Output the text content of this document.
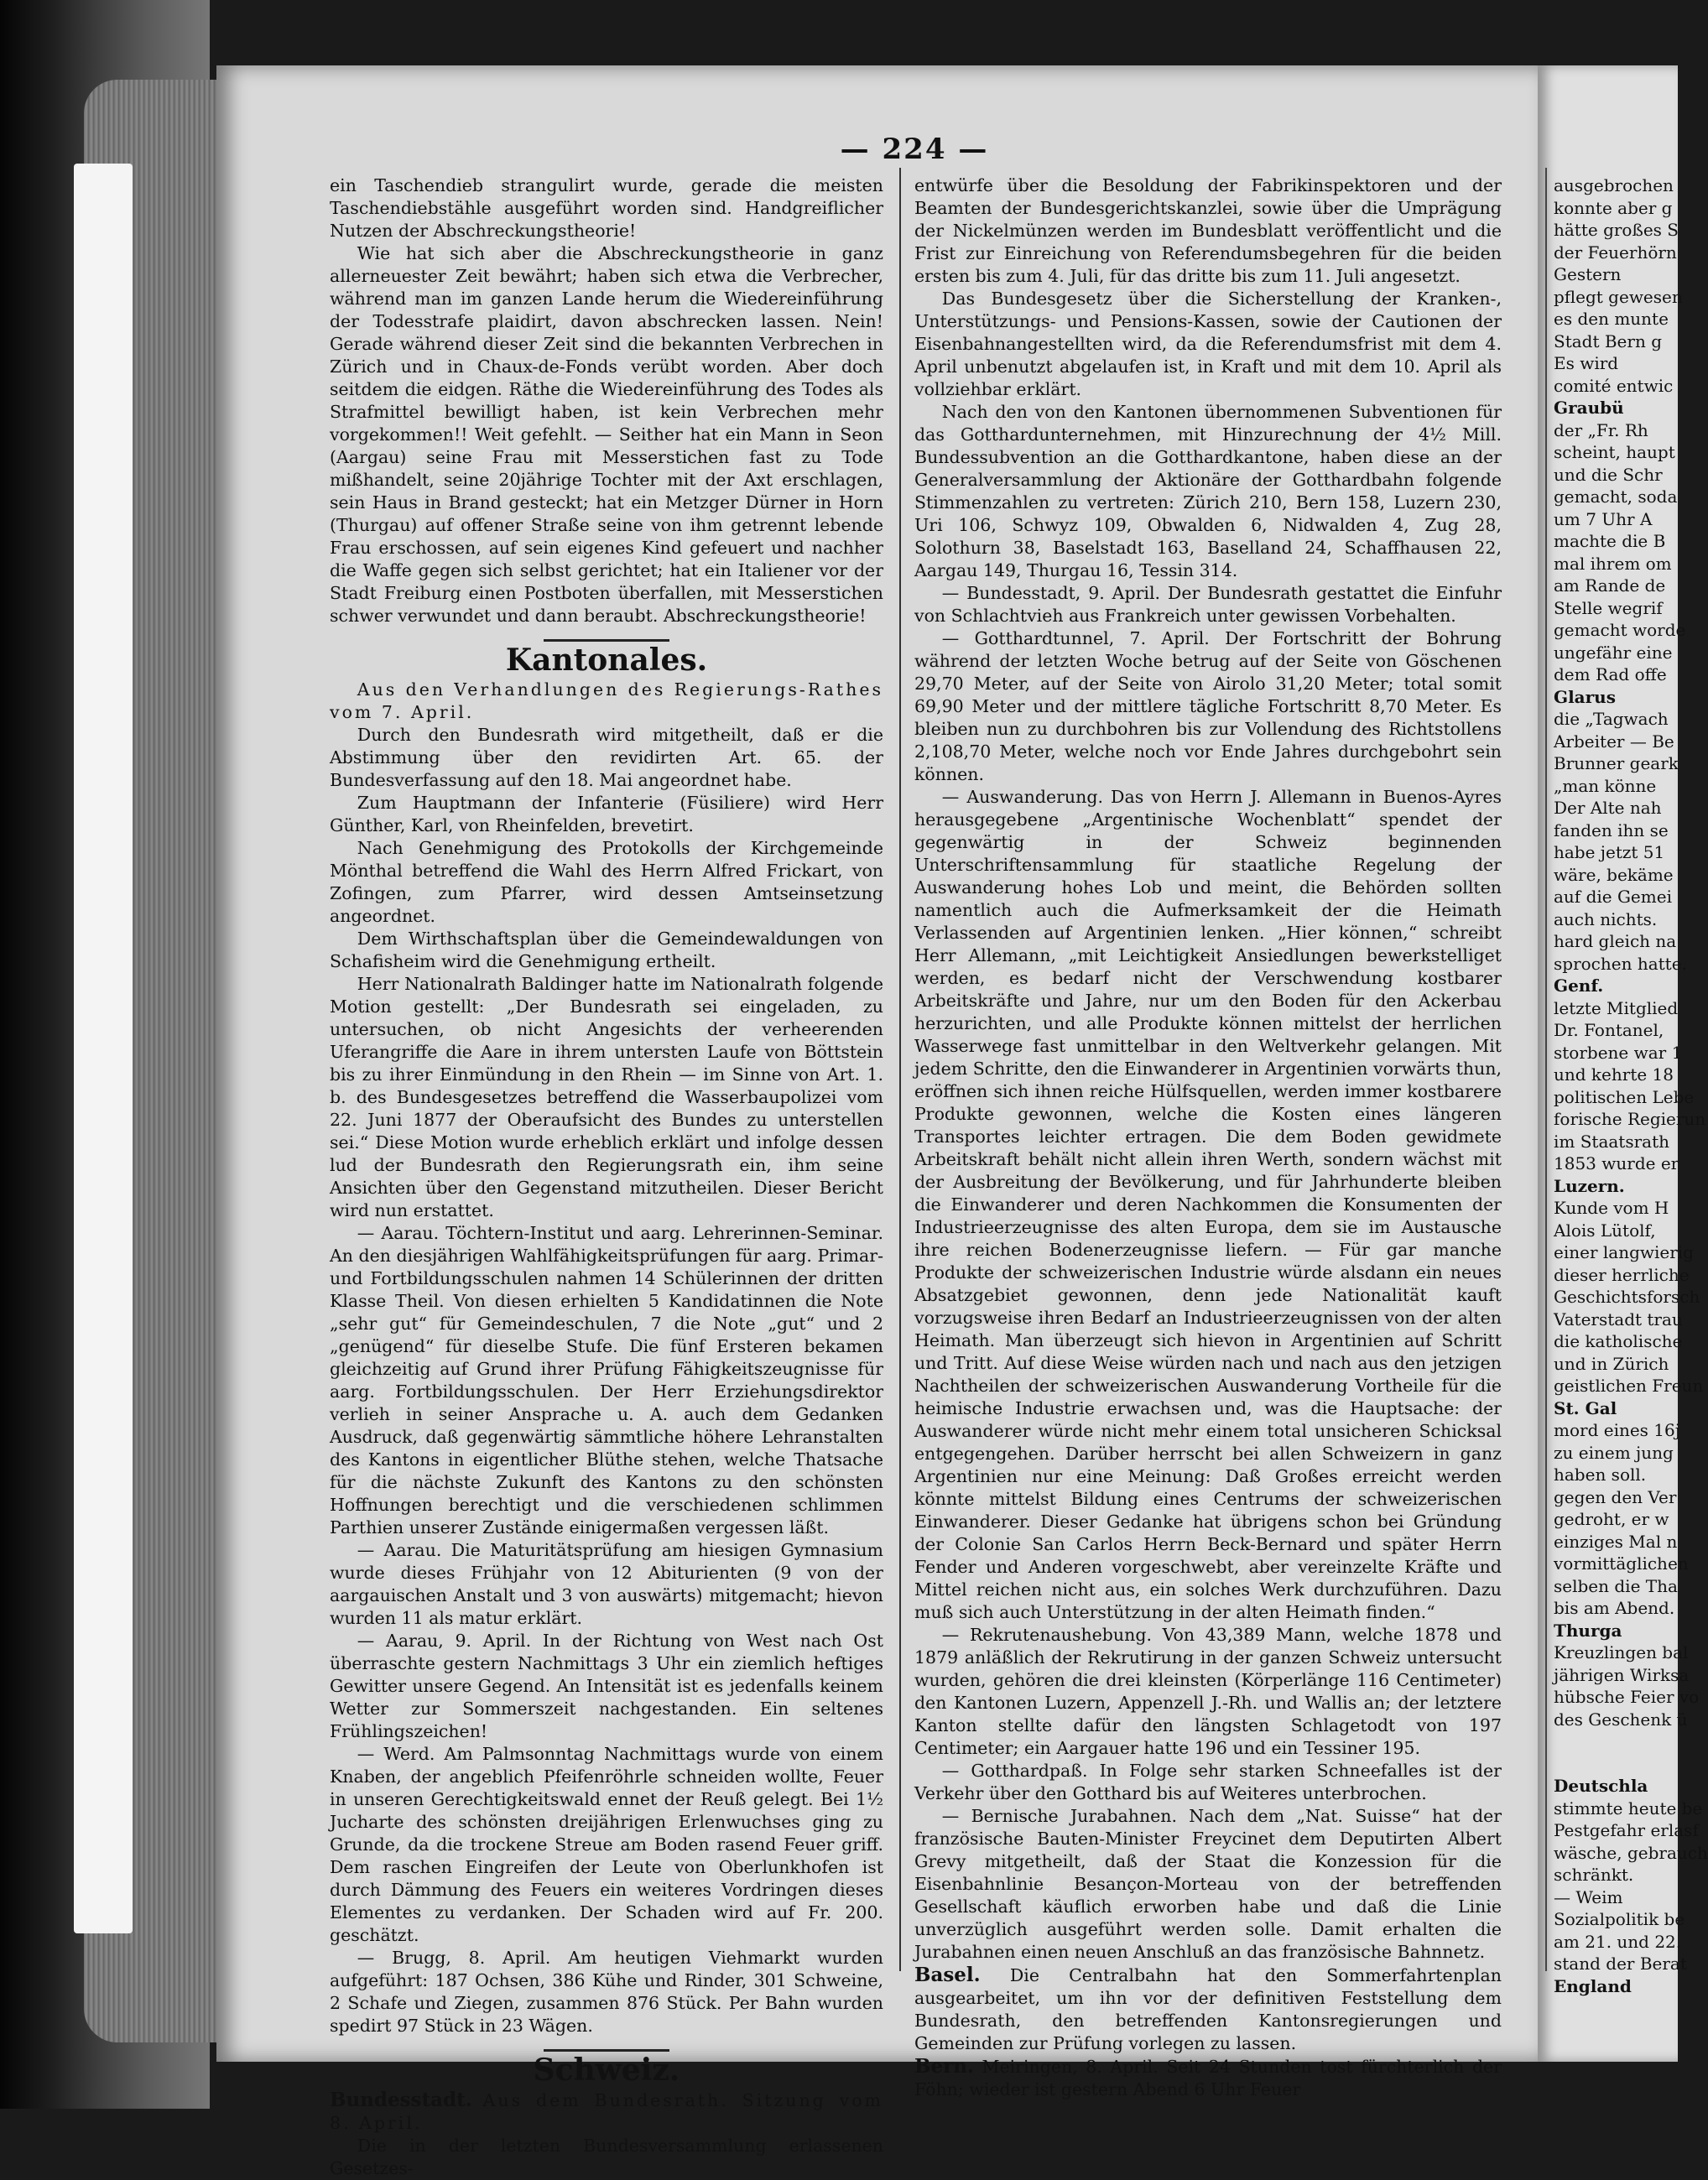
— 224 —

ein Taschendieb strangulirt wurde, gerade die meisten Taschendiebstähle ausgeführt worden sind. Handgreiflicher Nutzen der Abschreckungstheorie!

Wie hat sich aber die Abschreckungstheorie in ganz allerneuester Zeit bewährt; haben sich etwa die Verbrecher, während man im ganzen Lande herum die Wiedereinführung der Todesstrafe plaidirt, davon abschrecken lassen. Nein! Gerade während dieser Zeit sind die bekannten Verbrechen in Zürich und in Chaux-de-Fonds verübt worden. Aber doch seitdem die eidgen. Räthe die Wiedereinführung des Todes als Strafmittel bewilligt haben, ist kein Verbrechen mehr vorgekommen!! Weit gefehlt. — Seither hat ein Mann in Seon (Aargau) seine Frau mit Messerstichen fast zu Tode mißhandelt, seine 20jährige Tochter mit der Axt erschlagen, sein Haus in Brand gesteckt; hat ein Metzger Dürner in Horn (Thurgau) auf offener Straße seine von ihm getrennt lebende Frau erschossen, auf sein eigenes Kind gefeuert und nachher die Waffe gegen sich selbst gerichtet; hat ein Italiener vor der Stadt Freiburg einen Postboten überfallen, mit Messerstichen schwer verwundet und dann beraubt. Abschreckungstheorie!

Kantonales.

Aus den Verhandlungen des Regierungs-Rathes vom 7. April.

Durch den Bundesrath wird mitgetheilt, daß er die Abstimmung über den revidirten Art. 65. der Bundesverfassung auf den 18. Mai angeordnet habe.

Zum Hauptmann der Infanterie (Füsiliere) wird Herr Günther, Karl, von Rheinfelden, brevetirt.

Nach Genehmigung des Protokolls der Kirchgemeinde Mönthal betreffend die Wahl des Herrn Alfred Frickart, von Zofingen, zum Pfarrer, wird dessen Amtseinsetzung angeordnet.

Dem Wirthschaftsplan über die Gemeindewaldungen von Schafisheim wird die Genehmigung ertheilt.

Herr Nationalrath Baldinger hatte im Nationalrath folgende Motion gestellt: „Der Bundesrath sei eingeladen, zu untersuchen, ob nicht Angesichts der verheerenden Uferangriffe die Aare in ihrem untersten Laufe von Böttstein bis zu ihrer Einmündung in den Rhein — im Sinne von Art. 1. b. des Bundesgesetzes betreffend die Wasserbaupolizei vom 22. Juni 1877 der Oberaufsicht des Bundes zu unterstellen sei.“ Diese Motion wurde erheblich erklärt und infolge dessen lud der Bundesrath den Regierungsrath ein, ihm seine Ansichten über den Gegenstand mitzutheilen. Dieser Bericht wird nun erstattet.

— Aarau. Töchtern-Institut und aarg. Lehrerinnen-Seminar. An den diesjährigen Wahlfähigkeitsprüfungen für aarg. Primar- und Fortbildungsschulen nahmen 14 Schülerinnen der dritten Klasse Theil. Von diesen erhielten 5 Kandidatinnen die Note „sehr gut“ für Gemeindeschulen, 7 die Note „gut“ und 2 „genügend“ für dieselbe Stufe. Die fünf Ersteren bekamen gleichzeitig auf Grund ihrer Prüfung Fähigkeitszeugnisse für aarg. Fortbildungsschulen. Der Herr Erziehungsdirektor verlieh in seiner Ansprache u. A. auch dem Gedanken Ausdruck, daß gegenwärtig sämmtliche höhere Lehranstalten des Kantons in eigentlicher Blüthe stehen, welche Thatsache für die nächste Zukunft des Kantons zu den schönsten Hoffnungen berechtigt und die verschiedenen schlimmen Parthien unserer Zustände einigermaßen vergessen läßt.

— Aarau. Die Maturitätsprüfung am hiesigen Gymnasium wurde dieses Frühjahr von 12 Abiturienten (9 von der aargauischen Anstalt und 3 von auswärts) mitgemacht; hievon wurden 11 als matur erklärt.

— Aarau, 9. April. In der Richtung von West nach Ost überraschte gestern Nachmittags 3 Uhr ein ziemlich heftiges Gewitter unsere Gegend. An Intensität ist es jedenfalls keinem Wetter zur Sommerszeit nachgestanden. Ein seltenes Frühlingszeichen!

— Werd. Am Palmsonntag Nachmittags wurde von einem Knaben, der angeblich Pfeifenröhrle schneiden wollte, Feuer in unseren Gerechtigkeitswald ennet der Reuß gelegt. Bei 1½ Jucharte des schönsten dreijährigen Erlenwuchses ging zu Grunde, da die trockene Streue am Boden rasend Feuer griff. Dem raschen Eingreifen der Leute von Oberlunkhofen ist durch Dämmung des Feuers ein weiteres Vordringen dieses Elementes zu verdanken. Der Schaden wird auf Fr. 200. geschätzt.

— Brugg, 8. April. Am heutigen Viehmarkt wurden aufgeführt: 187 Ochsen, 386 Kühe und Rinder, 301 Schweine, 2 Schafe und Ziegen, zusammen 876 Stück. Per Bahn wurden spedirt 97 Stück in 23 Wägen.

Schweiz.

Bundesstadt. Aus dem Bundesrath. Sitzung vom 8. April.

Die in der letzten Bundesversammlung erlassenen Gesetzes-

entwürfe über die Besoldung der Fabrikinspektoren und der Beamten der Bundesgerichtskanzlei, sowie über die Umprägung der Nickelmünzen werden im Bundesblatt veröffentlicht und die Frist zur Einreichung von Referendumsbegehren für die beiden ersten bis zum 4. Juli, für das dritte bis zum 11. Juli angesetzt.

Das Bundesgesetz über die Sicherstellung der Kranken-, Unterstützungs- und Pensions-Kassen, sowie der Cautionen der Eisenbahnangestellten wird, da die Referendumsfrist mit dem 4. April unbenutzt abgelaufen ist, in Kraft und mit dem 10. April als vollziehbar erklärt.

Nach den von den Kantonen übernommenen Subventionen für das Gotthardunternehmen, mit Hinzurechnung der 4½ Mill. Bundessubvention an die Gotthardkantone, haben diese an der Generalversammlung der Aktionäre der Gotthardbahn folgende Stimmenzahlen zu vertreten: Zürich 210, Bern 158, Luzern 230, Uri 106, Schwyz 109, Obwalden 6, Nidwalden 4, Zug 28, Solothurn 38, Baselstadt 163, Baselland 24, Schaffhausen 22, Aargau 149, Thurgau 16, Tessin 314.

— Bundesstadt, 9. April. Der Bundesrath gestattet die Einfuhr von Schlachtvieh aus Frankreich unter gewissen Vorbehalten.

— Gotthardtunnel, 7. April. Der Fortschritt der Bohrung während der letzten Woche betrug auf der Seite von Göschenen 29,70 Meter, auf der Seite von Airolo 31,20 Meter; total somit 69,90 Meter und der mittlere tägliche Fortschritt 8,70 Meter. Es bleiben nun zu durchbohren bis zur Vollendung des Richtstollens 2,108,70 Meter, welche noch vor Ende Jahres durchgebohrt sein können.

— Auswanderung. Das von Herrn J. Allemann in Buenos-Ayres herausgegebene „Argentinische Wochenblatt“ spendet der gegenwärtig in der Schweiz beginnenden Unterschriftensammlung für staatliche Regelung der Auswanderung hohes Lob und meint, die Behörden sollten namentlich auch die Aufmerksamkeit der die Heimath Verlassenden auf Argentinien lenken. „Hier können,“ schreibt Herr Allemann, „mit Leichtigkeit Ansiedlungen bewerkstelliget werden, es bedarf nicht der Verschwendung kostbarer Arbeitskräfte und Jahre, nur um den Boden für den Ackerbau herzurichten, und alle Produkte können mittelst der herrlichen Wasserwege fast unmittelbar in den Weltverkehr gelangen. Mit jedem Schritte, den die Einwanderer in Argentinien vorwärts thun, eröffnen sich ihnen reiche Hülfsquellen, werden immer kostbarere Produkte gewonnen, welche die Kosten eines längeren Transportes leichter ertragen. Die dem Boden gewidmete Arbeitskraft behält nicht allein ihren Werth, sondern wächst mit der Ausbreitung der Bevölkerung, und für Jahrhunderte bleiben die Einwanderer und deren Nachkommen die Konsumenten der Industrieerzeugnisse des alten Europa, dem sie im Austausche ihre reichen Bodenerzeugnisse liefern. — Für gar manche Produkte der schweizerischen Industrie würde alsdann ein neues Absatzgebiet gewonnen, denn jede Nationalität kauft vorzugsweise ihren Bedarf an Industrieerzeugnissen von der alten Heimath. Man überzeugt sich hievon in Argentinien auf Schritt und Tritt. Auf diese Weise würden nach und nach aus den jetzigen Nachtheilen der schweizerischen Auswanderung Vortheile für die heimische Industrie erwachsen und, was die Hauptsache: der Auswanderer würde nicht mehr einem total unsicheren Schicksal entgegengehen. Darüber herrscht bei allen Schweizern in ganz Argentinien nur eine Meinung: Daß Großes erreicht werden könnte mittelst Bildung eines Centrums der schweizerischen Einwanderer. Dieser Gedanke hat übrigens schon bei Gründung der Colonie San Carlos Herrn Beck-Bernard und später Herrn Fender und Anderen vorgeschwebt, aber vereinzelte Kräfte und Mittel reichen nicht aus, ein solches Werk durchzuführen. Dazu muß sich auch Unterstützung in der alten Heimath finden.“

— Rekrutenaushebung. Von 43,389 Mann, welche 1878 und 1879 anläßlich der Rekrutirung in der ganzen Schweiz untersucht wurden, gehören die drei kleinsten (Körperlänge 116 Centimeter) den Kantonen Luzern, Appenzell J.-Rh. und Wallis an; der letztere Kanton stellte dafür den längsten Schlagetodt von 197 Centimeter; ein Aargauer hatte 196 und ein Tessiner 195.

— Gotthardpaß. In Folge sehr starken Schneefalles ist der Verkehr über den Gotthard bis auf Weiteres unterbrochen.

— Bernische Jurabahnen. Nach dem „Nat. Suisse“ hat der französische Bauten-Minister Freycinet dem Deputirten Albert Grevy mitgetheilt, daß der Staat die Konzession für die Eisenbahnlinie Besançon-Morteau von der betreffenden Gesellschaft käuflich erworben habe und daß die Linie unverzüglich ausgeführt werden solle. Damit erhalten die Jurabahnen einen neuen Anschluß an das französische Bahnnetz.

Basel. Die Centralbahn hat den Sommerfahrtenplan ausgearbeitet, um ihn vor der definitiven Feststellung dem Bundesrath, den betreffenden Kantonsregierungen und Gemeinden zur Prüfung vorlegen zu lassen.

Bern. Meiringen, 8. April. Seit 24 Stunden tost fürchterlich der Föhn; wieder ist gestern Abend 6 Uhr Feuer

ausgebrochen

konnte aber g

hätte großes S

der Feuerhörn

Gestern

pflegt gewesen

es den munte

Stadt Bern g

Es wird

comité entwic

Graubü

der „Fr. Rh

scheint, haupt

und die Schr

gemacht, soda

um 7 Uhr A

machte die B

mal ihrem om

am Rande de

Stelle wegrif

gemacht worde

ungefähr eine

dem Rad offe

Glarus

die „Tagwach

Arbeiter — Be

Brunner geark

„man könne

Der Alte nah

fanden ihn se

habe jetzt 51

wäre, bekäme

auf die Gemei

auch nichts.

hard gleich na

sprochen hatte.

Genf.

letzte Mitglied

Dr. Fontanel,

storbene war 1

und kehrte 18

politischen Lebe

forische Regierun

im Staatsrath

1853 wurde er

Luzern.

Kunde vom H

Alois Lütolf,

einer langwierig

dieser herrliche

Geschichtsforsch

Vaterstadt trau

die katholische

und in Zürich

geistlichen Freun

St. Gal

mord eines 16j

zu einem jung

haben soll.

gegen den Ver

gedroht, er w

einziges Mal n

vormittäglichen

selben die Tha

bis am Abend.

Thurga

Kreuzlingen bal

jährigen Wirksa

hübsche Feier vo

des Geschenk ü

Deutschla

stimmte heute be

Pestgefahr erlasf

wäsche, gebrauch

schränkt.

— Weim

Sozialpolitik be

am 21. und 22.

stand der Berat

England
